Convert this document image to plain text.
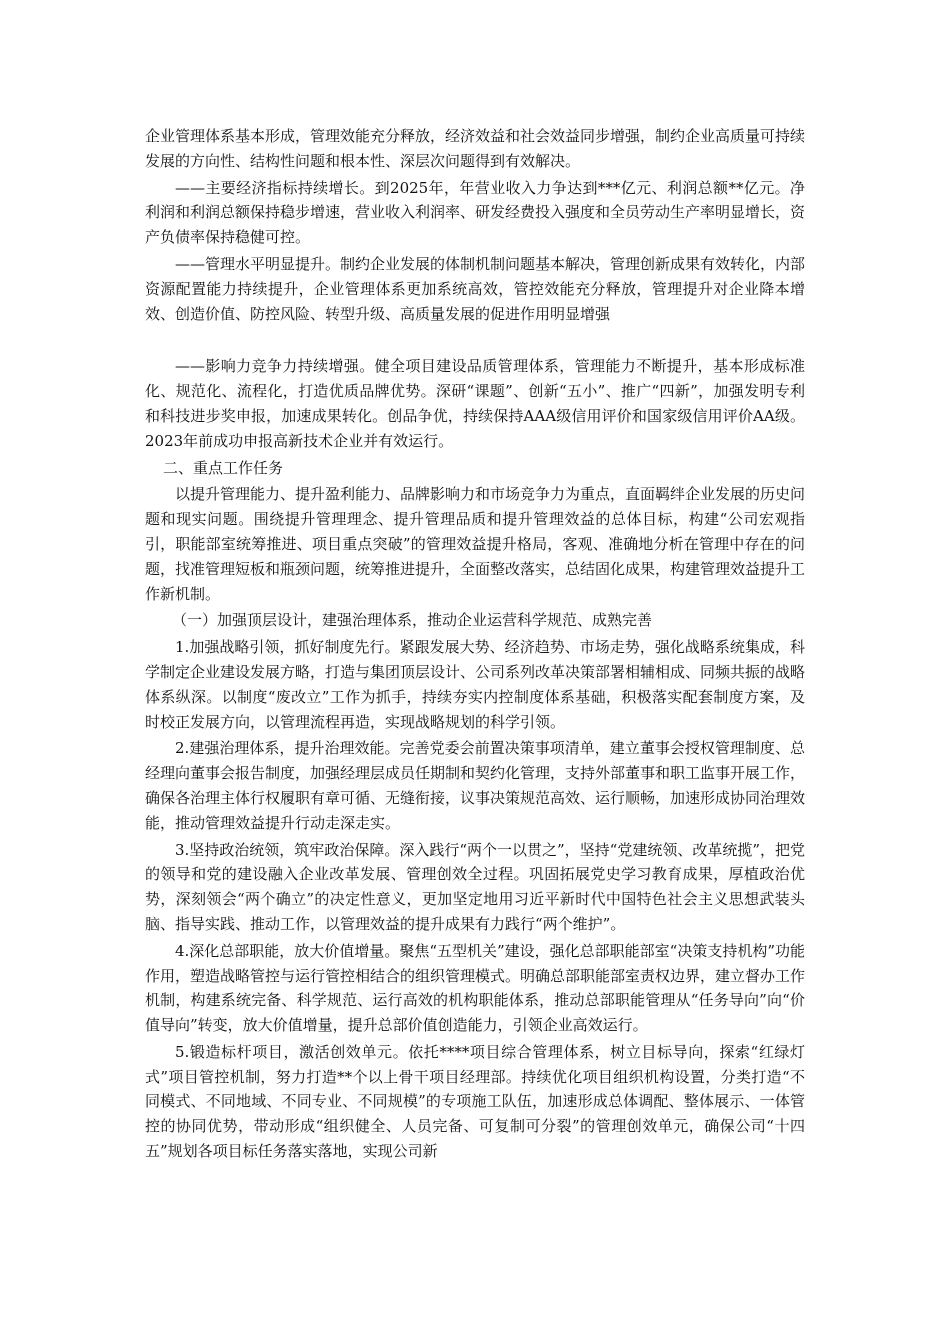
企业管理体系基本形成，管理效能充分释放，经济效益和社会效益同步增强，制约企业高质量可持续发展的方向性、结构性问题和根本性、深层次问题得到有效解决。

——主要经济指标持续增长。到2025年，年营业收入力争达到***亿元、利润总额**亿元。净利润和利润总额保持稳步增速，营业收入利润率、研发经费投入强度和全员劳动生产率明显增长，资产负债率保持稳健可控。

——管理水平明显提升。制约企业发展的体制机制问题基本解决，管理创新成果有效转化，内部资源配置能力持续提升，企业管理体系更加系统高效，管控效能充分释放，管理提升对企业降本增效、创造价值、防控风险、转型升级、高质量发展的促进作用明显增强

——影响力竞争力持续增强。健全项目建设品质管理体系，管理能力不断提升，基本形成标准化、规范化、流程化，打造优质品牌优势。深研“课题”、创新“五小”、推广“四新”，加强发明专利和科技进步奖申报，加速成果转化。创品争优，持续保持AAA级信用评价和国家级信用评价AA级。2023年前成功申报高新技术企业并有效运行。

二、重点工作任务

以提升管理能力、提升盈利能力、品牌影响力和市场竞争力为重点，直面羁绊企业发展的历史问题和现实问题。围绕提升管理理念、提升管理品质和提升管理效益的总体目标，构建“公司宏观指引，职能部室统筹推进、项目重点突破”的管理效益提升格局，客观、准确地分析在管理中存在的问题，找准管理短板和瓶颈问题，统筹推进提升，全面整改落实，总结固化成果，构建管理效益提升工作新机制。

（一）加强顶层设计，建强治理体系，推动企业运营科学规范、成熟完善

1.加强战略引领，抓好制度先行。紧跟发展大势、经济趋势、市场走势，强化战略系统集成，科学制定企业建设发展方略，打造与集团顶层设计、公司系列改革决策部署相辅相成、同频共振的战略体系纵深。以制度“废改立”工作为抓手，持续夯实内控制度体系基础，积极落实配套制度方案，及时校正发展方向，以管理流程再造，实现战略规划的科学引领。

2.建强治理体系，提升治理效能。完善党委会前置决策事项清单，建立董事会授权管理制度、总经理向董事会报告制度，加强经理层成员任期制和契约化管理，支持外部董事和职工监事开展工作，确保各治理主体行权履职有章可循、无缝衔接，议事决策规范高效、运行顺畅，加速形成协同治理效能，推动管理效益提升行动走深走实。

3.坚持政治统领，筑牢政治保障。深入践行“两个一以贯之”，坚持“党建统领、改革统揽”，把党的领导和党的建设融入企业改革发展、管理创效全过程。巩固拓展党史学习教育成果，厚植政治优势，深刻领会“两个确立”的决定性意义，更加坚定地用习近平新时代中国特色社会主义思想武装头脑、指导实践、推动工作，以管理效益的提升成果有力践行“两个维护”。

4.深化总部职能，放大价值增量。聚焦“五型机关”建设，强化总部职能部室“决策支持机构”功能作用，塑造战略管控与运行管控相结合的组织管理模式。明确总部职能部室责权边界，建立督办工作机制，构建系统完备、科学规范、运行高效的机构职能体系，推动总部职能管理从“任务导向”向“价值导向”转变，放大价值增量，提升总部价值创造能力，引领企业高效运行。

5.锻造标杆项目，激活创效单元。依托****项目综合管理体系，树立目标导向，探索“红绿灯式”项目管控机制，努力打造**个以上骨干项目经理部。持续优化项目组织机构设置，分类打造“不同模式、不同地域、不同专业、不同规模”的专项施工队伍，加速形成总体调配、整体展示、一体管控的协同优势，带动形成“组织健全、人员完备、可复制可分裂”的管理创效单元，确保公司“十四五”规划各项目标任务落实落地，实现公司新
